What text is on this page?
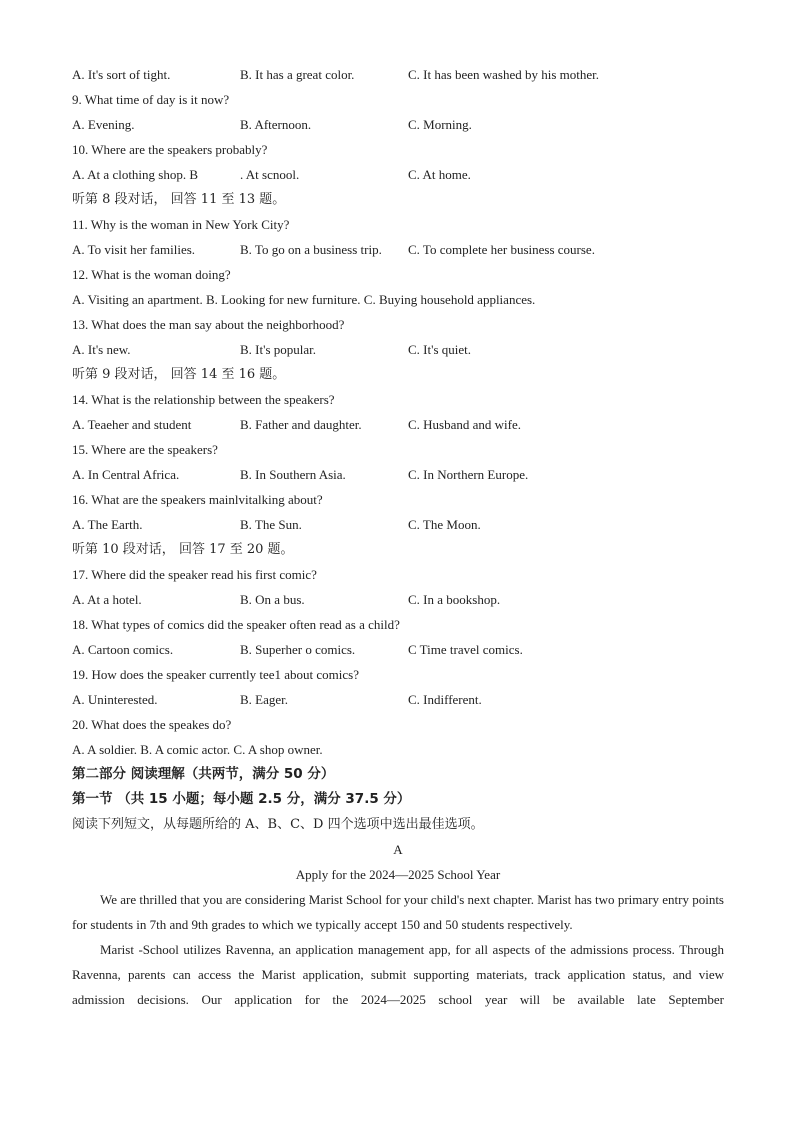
A. It's sort of tight.	B. It has a great color.	C. It has been washed by his mother.
9. What time of day is it now?
A. Evening.	B. Afternoon.	C. Morning.
10. Where are the speakers probably?
A. At a clothing shop. B	. At scnool.	C. At home.
听第 8 段对话， 回答 11 至 13 题。
11. Why is the woman in New York City?
A. To visit her families.	B. To go on a business trip. C. To complete her business course.
12. What is the woman doing?
A. Visiting an apartment. B. Looking for new furniture. C. Buying household appliances.
13. What does the man say about the neighborhood?
A. It's new.	B. It's popular.	C. It's quiet.
听第 9 段对话， 回答 14 至 16 题。
14. What is the relationship between the speakers?
A. Teaeher and student	B. Father and daughter.	C. Husband and wife.
15. Where are the speakers?
A. In Central Africa.	B. In Southern Asia.	C. In Northern Europe.
16. What are the speakers mainlvitalking about?
A. The Earth.	B. The Sun.	C. The Moon.
听第 10 段对话， 回答 17 至 20 题。
17. Where did the speaker read his first comic?
A. At a hotel.	B. On a bus.	C. In a bookshop.
18. What types of comics did the speaker often read as a child?
A. Cartoon comics.	B. Superher o comics.	C Time travel comics.
19. How does the speaker currently tee1 about comics?
A. Uninterested.	B. Eager.	C. Indifferent.
20. What does the speakes do?
A. A soldier. B. A comic actor. C. A shop owner.
第二部分 阅读理解（共两节，满分 50 分）
第一节 （共 15 小题；每小题 2.5 分，满分 37.5 分）
阅读下列短文，从每题所给的 A、B、C、D 四个选项中选出最佳选项。
A
Apply for the 2024—2025 School Year

We are thrilled that you are considering Marist School for your child's next chapter. Marist has two primary entry points for students in 7th and 9th grades to which we typically accept 150 and 50 students respectively.

Marist -School utilizes Ravenna, an application management app, for all aspects of the admissions process. Through Ravenna, parents can access the Marist application, submit supporting materiats, track application status, and view admission decisions. Our application for the 2024—2025 school year will be available late September
